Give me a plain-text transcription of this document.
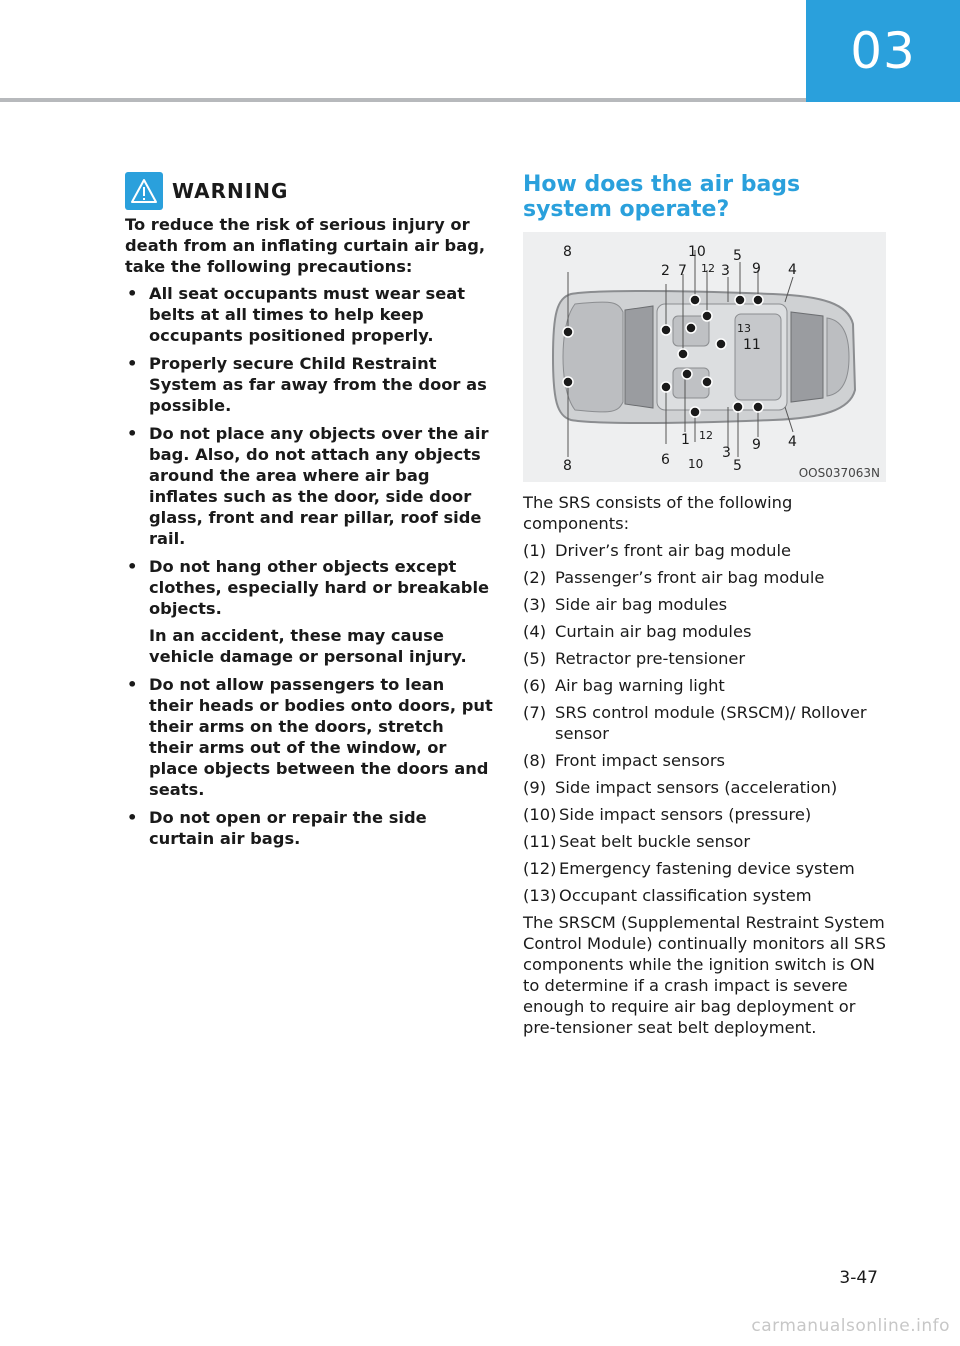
03
WARNING

To reduce the risk of serious injury or death from an inflating curtain air bag, take the following precautions:

• All seat occupants must wear seat belts at all times to help keep occupants positioned properly.
• Properly secure Child Restraint System as far away from the door as possible.
• Do not place any objects over the air bag. Also, do not attach any objects around the area where air bag inflates such as the door, side door glass, front and rear pillar, roof side rail.
• Do not hang other objects except clothes, especially hard or breakable objects.
In an accident, these may cause vehicle damage or personal injury.
• Do not allow passengers to lean their heads or bodies onto doors, put their arms on the doors, stretch their arms out of the window, or place objects between the doors and seats.
• Do not open or repair the side curtain air bags.
How does the air bags system operate?
8	10 5
2 7 12 3 9 4
13
11
1 12
3 9 4
8	6 10 5	OOS037063N

The SRS consists of the following components:

(1) Driver’s front air bag module
(2) Passenger’s front air bag module
(3) Side air bag modules
(4) Curtain air bag modules
(5) Retractor pre-tensioner
(6) Air bag warning light
(7) SRS control module (SRSCM)/ Rollover sensor
(8) Front impact sensors
(9) Side impact sensors (acceleration)
(10) Side impact sensors (pressure)
(11) Seat belt buckle sensor
(12) Emergency fastening device system
(13) Occupant classification system

The SRSCM (Supplemental Restraint System Control Module) continually monitors all SRS components while the ignition switch is ON to determine if a crash impact is severe enough to require air bag deployment or pre-tensioner seat belt deployment.

3-47
carmanualsonline.info
